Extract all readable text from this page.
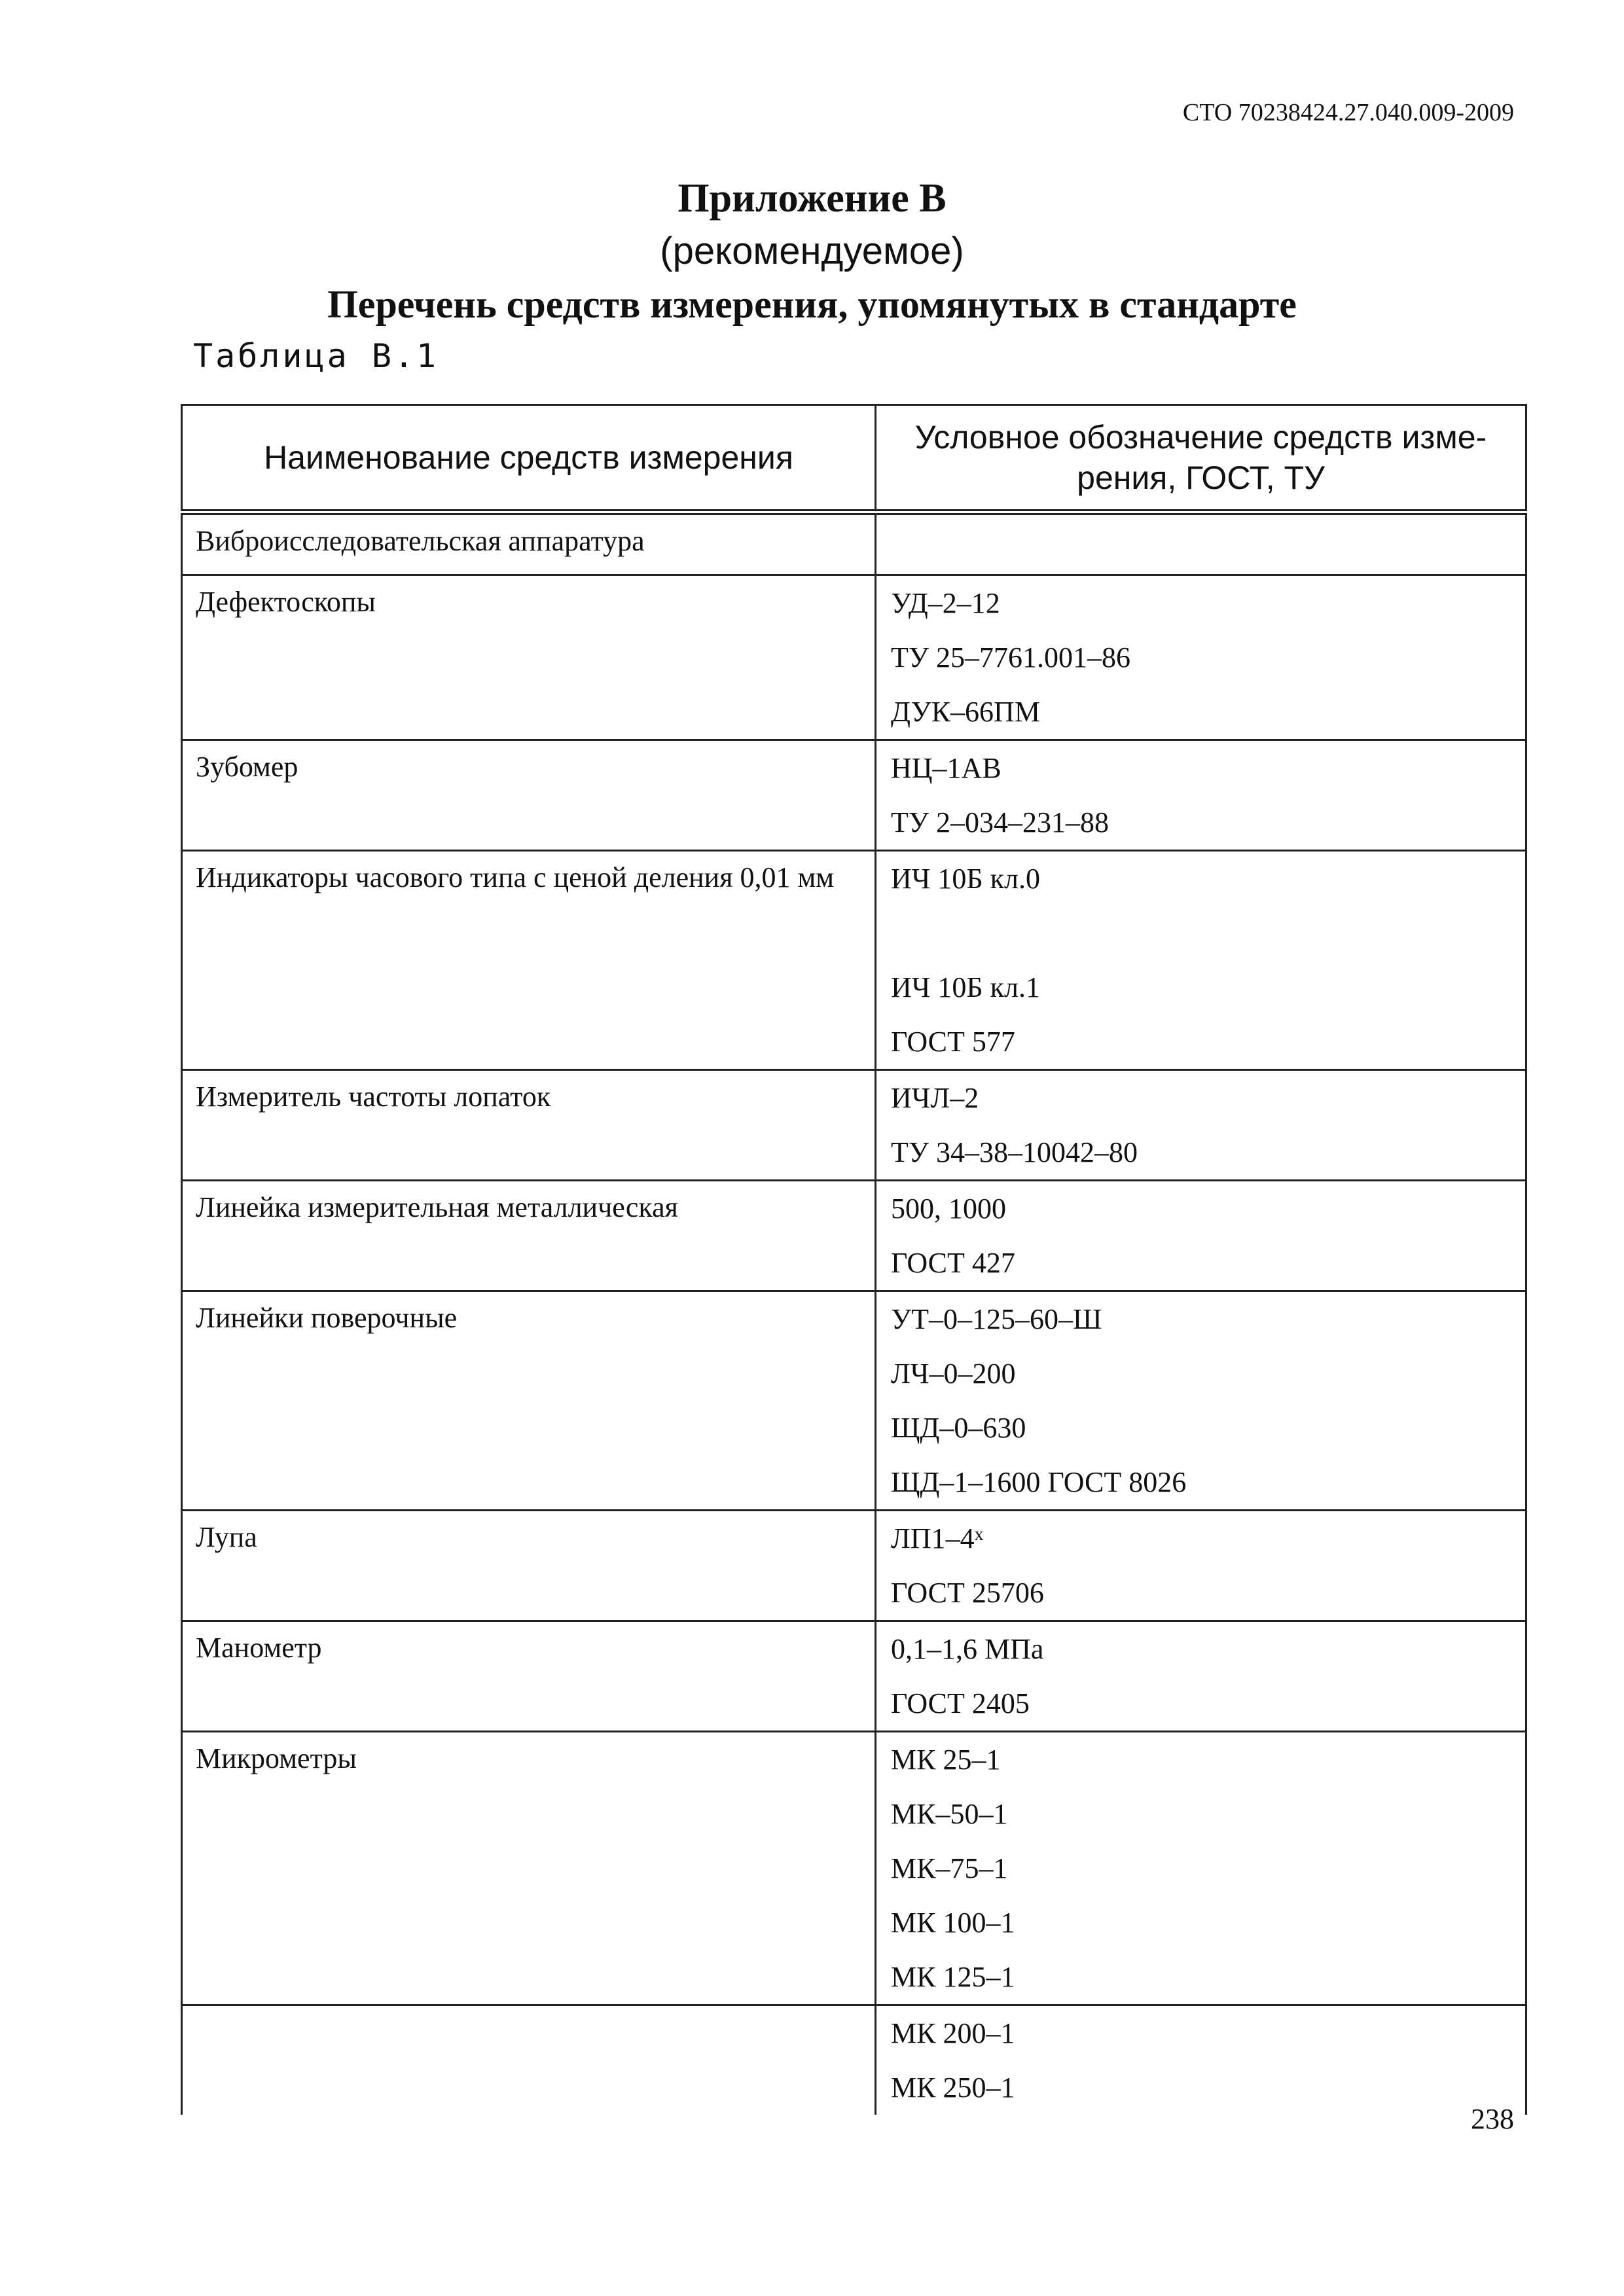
СТО 70238424.27.040.009-2009
Приложение В
(рекомендуемое)
Перечень средств измерения, упомянутых в стандарте
Таблица В.1
Наименование средств измерения	Условное обозначение средств изме-
рения, ГОСТ, ТУ

Виброисследовательская аппаратура	

Дефектоскопы	УД–2–12
ТУ 25–7761.001–86
ДУК–66ПМ

Зубомер	НЦ–1АВ
ТУ 2–034–231–88

Индикаторы часового типа с ценой деления 0,01 мм	ИЧ 10Б кл.0
ИЧ 10Б кл.1
ГОСТ 577

Измеритель частоты лопаток	ИЧЛ–2
ТУ 34–38–10042–80

Линейка измерительная металлическая	500, 1000
ГОСТ 427

Линейки поверочные	УТ–0–125–60–Ш
ЛЧ–0–200
ЩД–0–630
ЩД–1–1600 ГОСТ 8026

Лупа	$ЛП1-4^х$
ГОСТ 25706

Манометр	0,1–1,6 МПа
ГОСТ 2405

Микрометры	МК 25–1
МК–50–1
МК–75–1
МК 100–1
МК 125–1

	МК 200–1
МК 250–1
238
